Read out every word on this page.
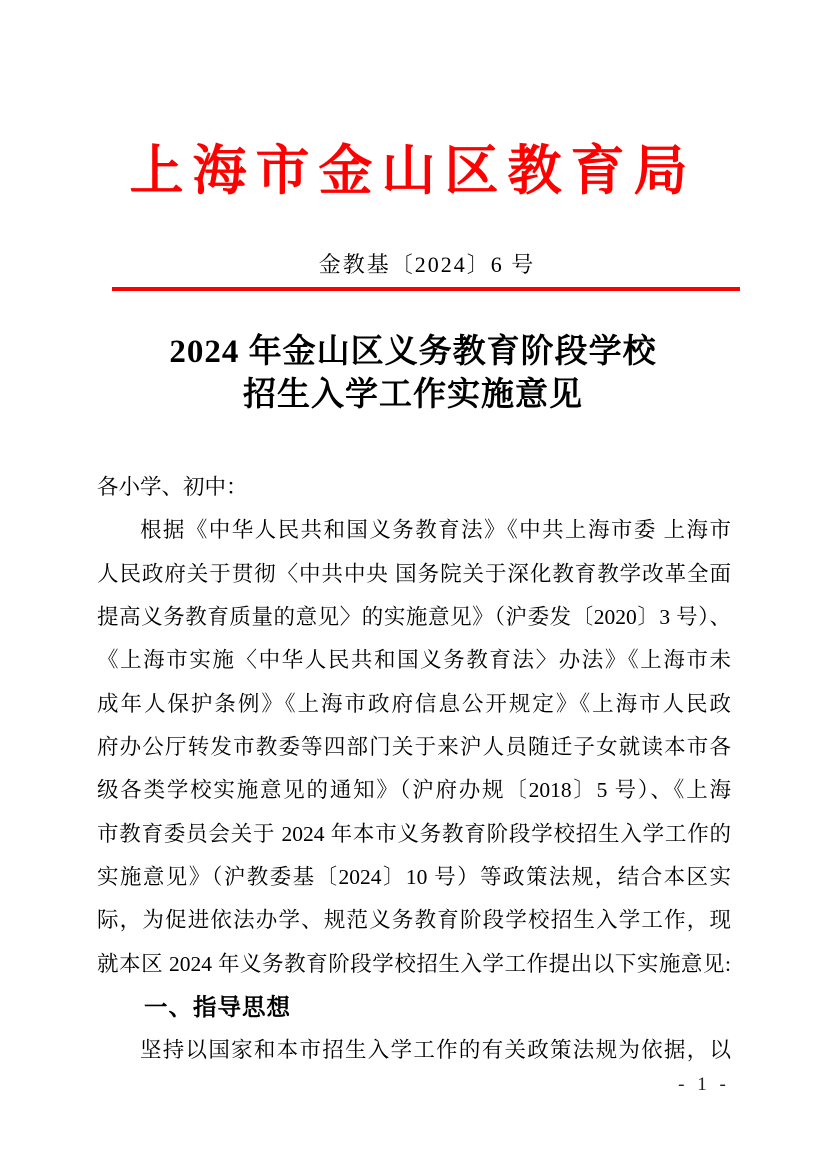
上海市金山区教育局
金教基〔2024〕6 号
2024 年金山区义务教育阶段学校
招生入学工作实施意见
各小学、初中：
根据《中华人民共和国义务教育法》《中共上海市委 上海市
人民政府关于贯彻〈中共中央 国务院关于深化教育教学改革全面
提高义务教育质量的意见〉的实施意见》（沪委发〔2020〕3 号）、
《上海市实施〈中华人民共和国义务教育法〉办法》《上海市未
成年人保护条例》《上海市政府信息公开规定》《上海市人民政
府办公厅转发市教委等四部门关于来沪人员随迁子女就读本市各
级各类学校实施意见的通知》（沪府办规〔2018〕5 号）、《上海
市教育委员会关于 2024 年本市义务教育阶段学校招生入学工作的
实施意见》（沪教委基〔2024〕10 号）等政策法规，结合本区实
际，为促进依法办学、规范义务教育阶段学校招生入学工作，现
就本区 2024 年义务教育阶段学校招生入学工作提出以下实施意见:
一、指导思想
坚持以国家和本市招生入学工作的有关政策法规为依据，以
- 1 -
